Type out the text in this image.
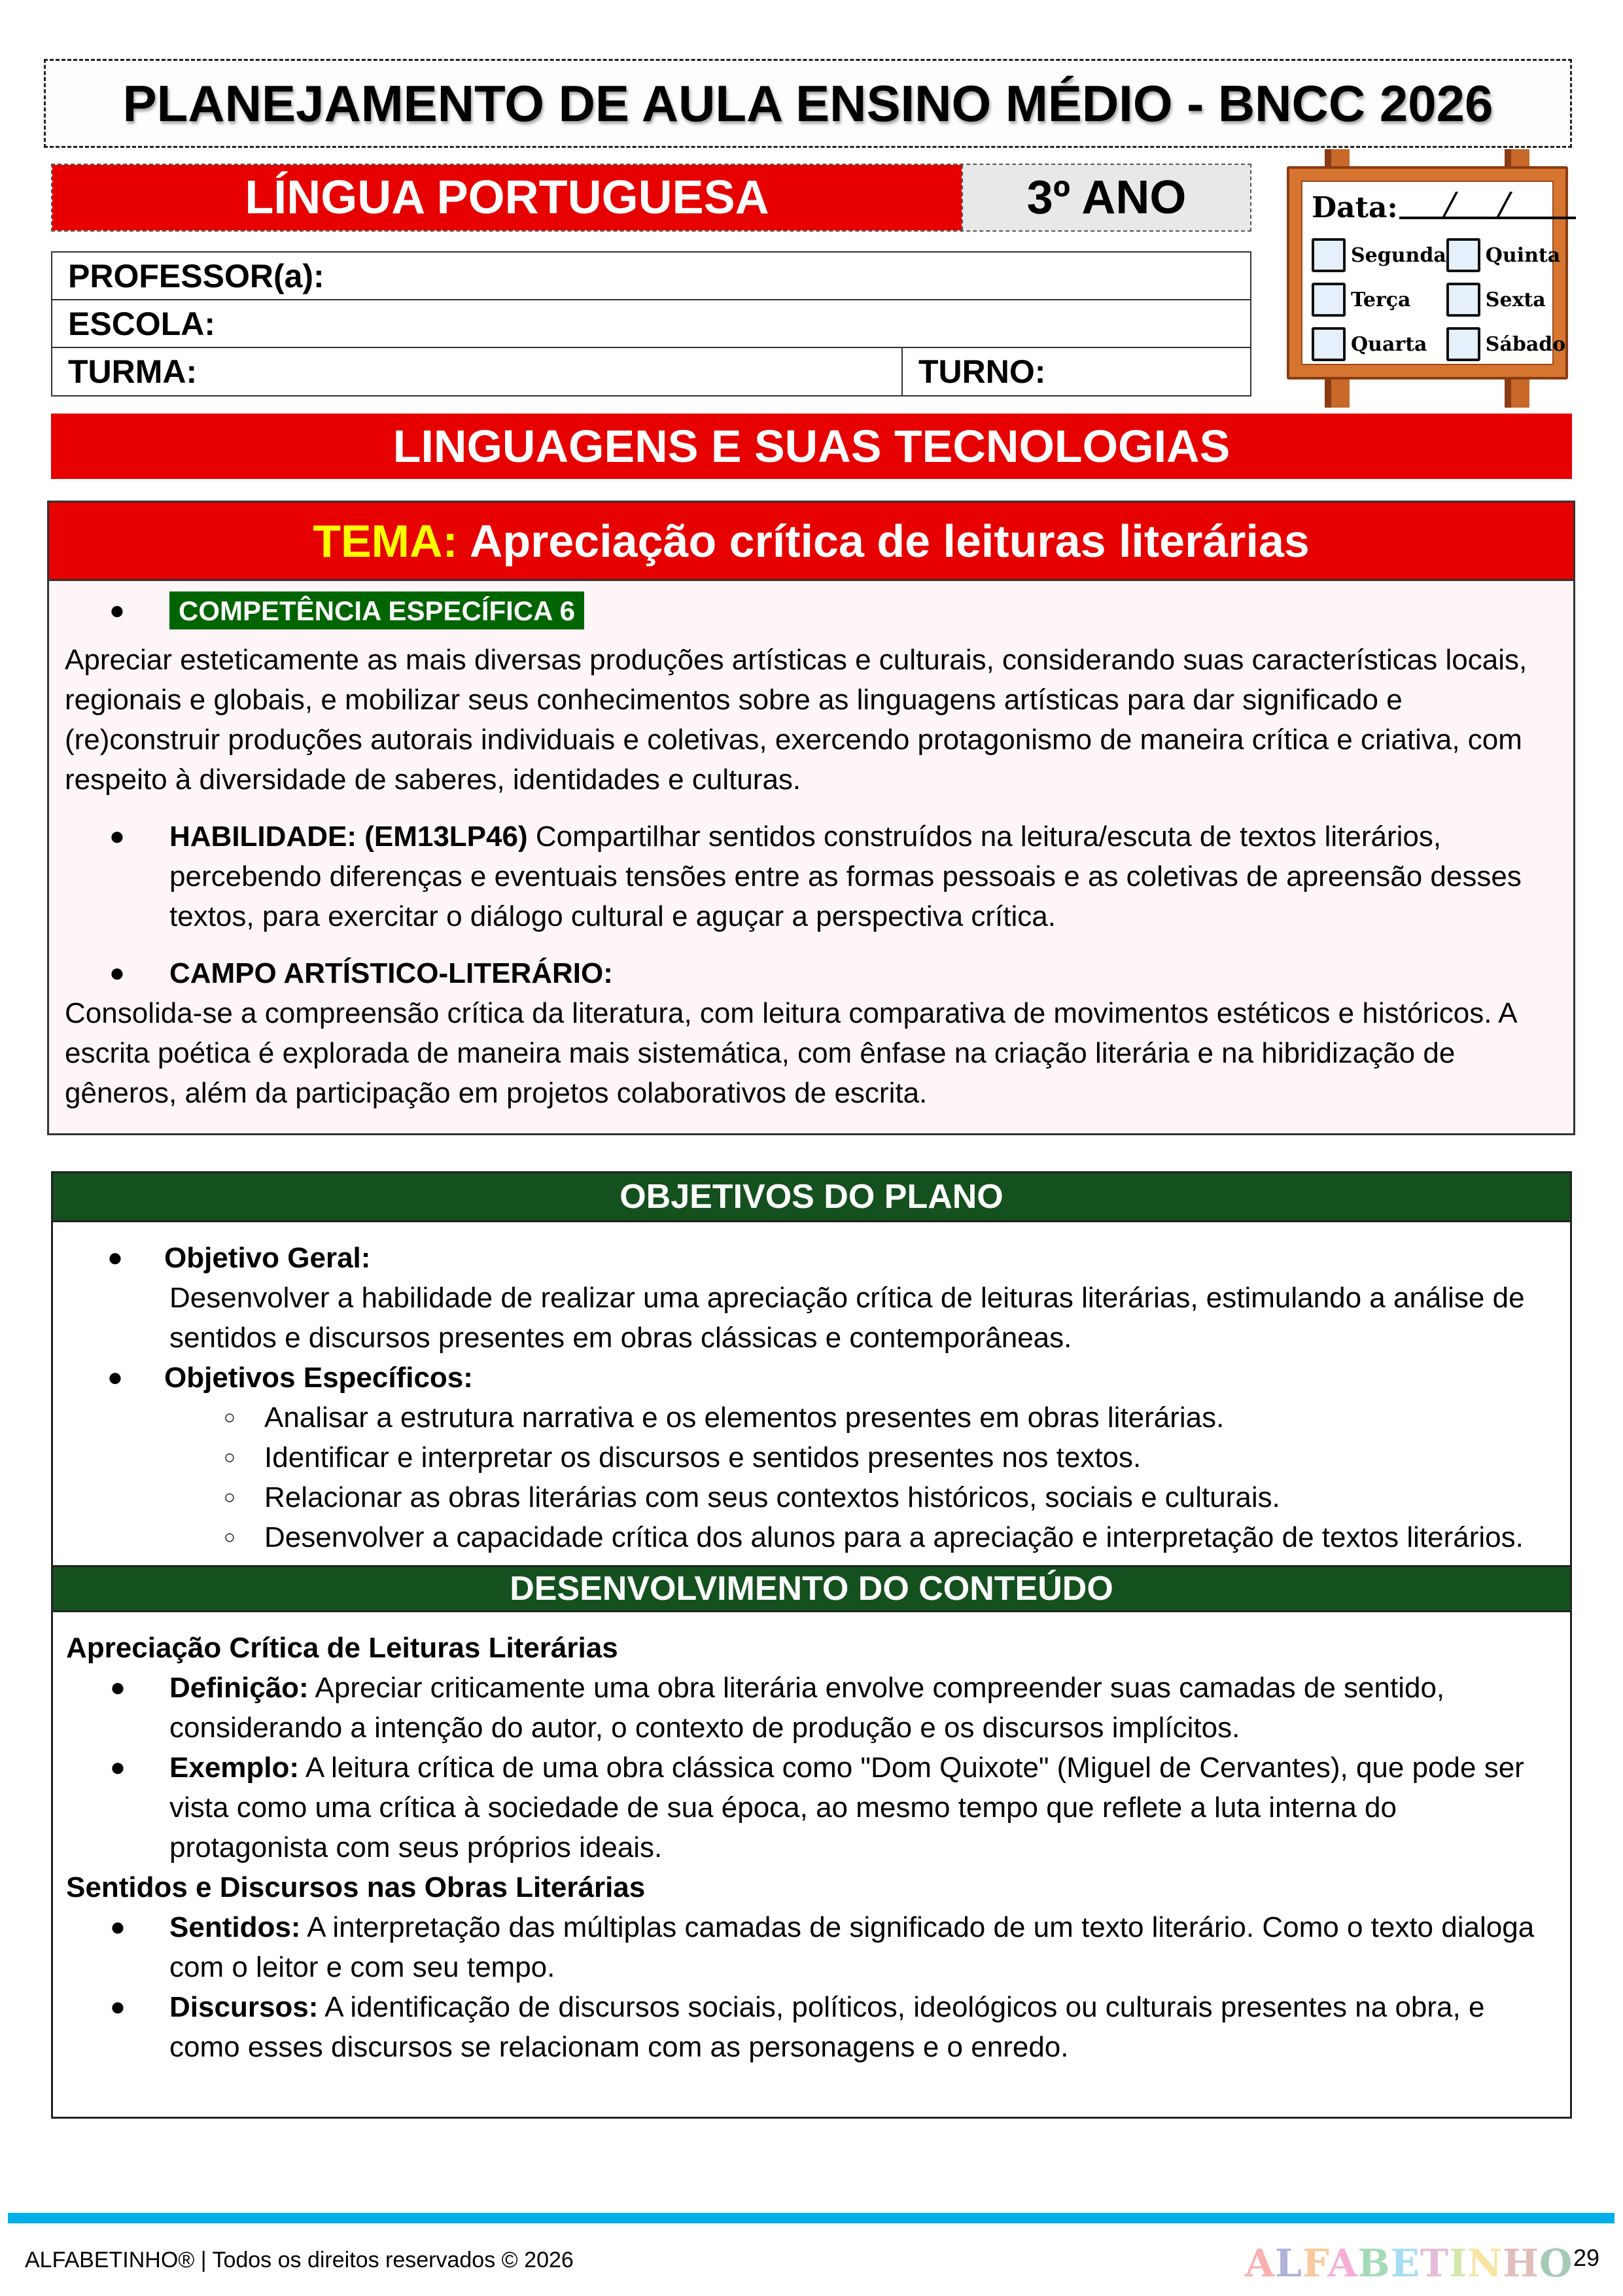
PLANEJAMENTO DE AULA ENSINO MÉDIO - BNCC 2026
LÍNGUA PORTUGUESA	3º ANO
PROFESSOR(a):
ESCOLA:
TURMA:	TURNO:
Data:
Segunda Quinta
Terça	Sexta
Quarta	Sábado
LINGUAGENS E SUAS TECNOLOGIAS
TEMA: Apreciação crítica de leituras literárias
●	COMPETÊNCIA ESPECÍFICA 6

Apreciar esteticamente as mais diversas produções artísticas e culturais, considerando suas características locais, regionais e globais, e mobilizar seus conhecimentos sobre as linguagens artísticas para dar significado e (re)construir produções autorais individuais e coletivas, exercendo protagonismo de maneira crítica e criativa, com respeito à diversidade de saberes, identidades e culturas.

●	HABILIDADE: (EM13LP46) Compartilhar sentidos construídos na leitura/escuta de textos literários, percebendo diferenças e eventuais tensões entre as formas pessoais e as coletivas de apreensão desses textos, para exercitar o diálogo cultural e aguçar a perspectiva crítica.
●	CAMPO ARTÍSTICO-LITERÁRIO:

Consolida-se a compreensão crítica da literatura, com leitura comparativa de movimentos estéticos e históricos. A escrita poética é explorada de maneira mais sistemática, com ênfase na criação literária e na hibridização de gêneros, além da participação em projetos colaborativos de escrita.

OBJETIVOS DO PLANO
●	Objetivo Geral:

Desenvolver a habilidade de realizar uma apreciação crítica de leituras literárias, estimulando a análise de sentidos e discursos presentes em obras clássicas e contemporâneas.

●	Objetivos Específicos:
○	Analisar a estrutura narrativa e os elementos presentes em obras literárias.
○	Identificar e interpretar os discursos e sentidos presentes nos textos.
○	Relacionar as obras literárias com seus contextos históricos, sociais e culturais.
○	Desenvolver a capacidade crítica dos alunos para a apreciação e interpretação de textos literários.
DESENVOLVIMENTO DO CONTEÚDO

Apreciação Crítica de Leituras Literárias

●	Definição: Apreciar criticamente uma obra literária envolve compreender suas camadas de sentido, considerando a intenção do autor, o contexto de produção e os discursos implícitos.
●	Exemplo: A leitura crítica de uma obra clássica como "Dom Quixote" (Miguel de Cervantes), que pode ser vista como uma crítica à sociedade de sua época, ao mesmo tempo que reflete a luta interna do protagonista com seus próprios ideais.

Sentidos e Discursos nas Obras Literárias

●	Sentidos: A interpretação das múltiplas camadas de significado de um texto literário. Como o texto dialoga com o leitor e com seu tempo.
●	Discursos: A identificação de discursos sociais, políticos, ideológicos ou culturais presentes na obra, e como esses discursos se relacionam com as personagens e o enredo.
ALFABETINHO® | Todos os direitos reservados © 2026	ALFABETINHO 29
